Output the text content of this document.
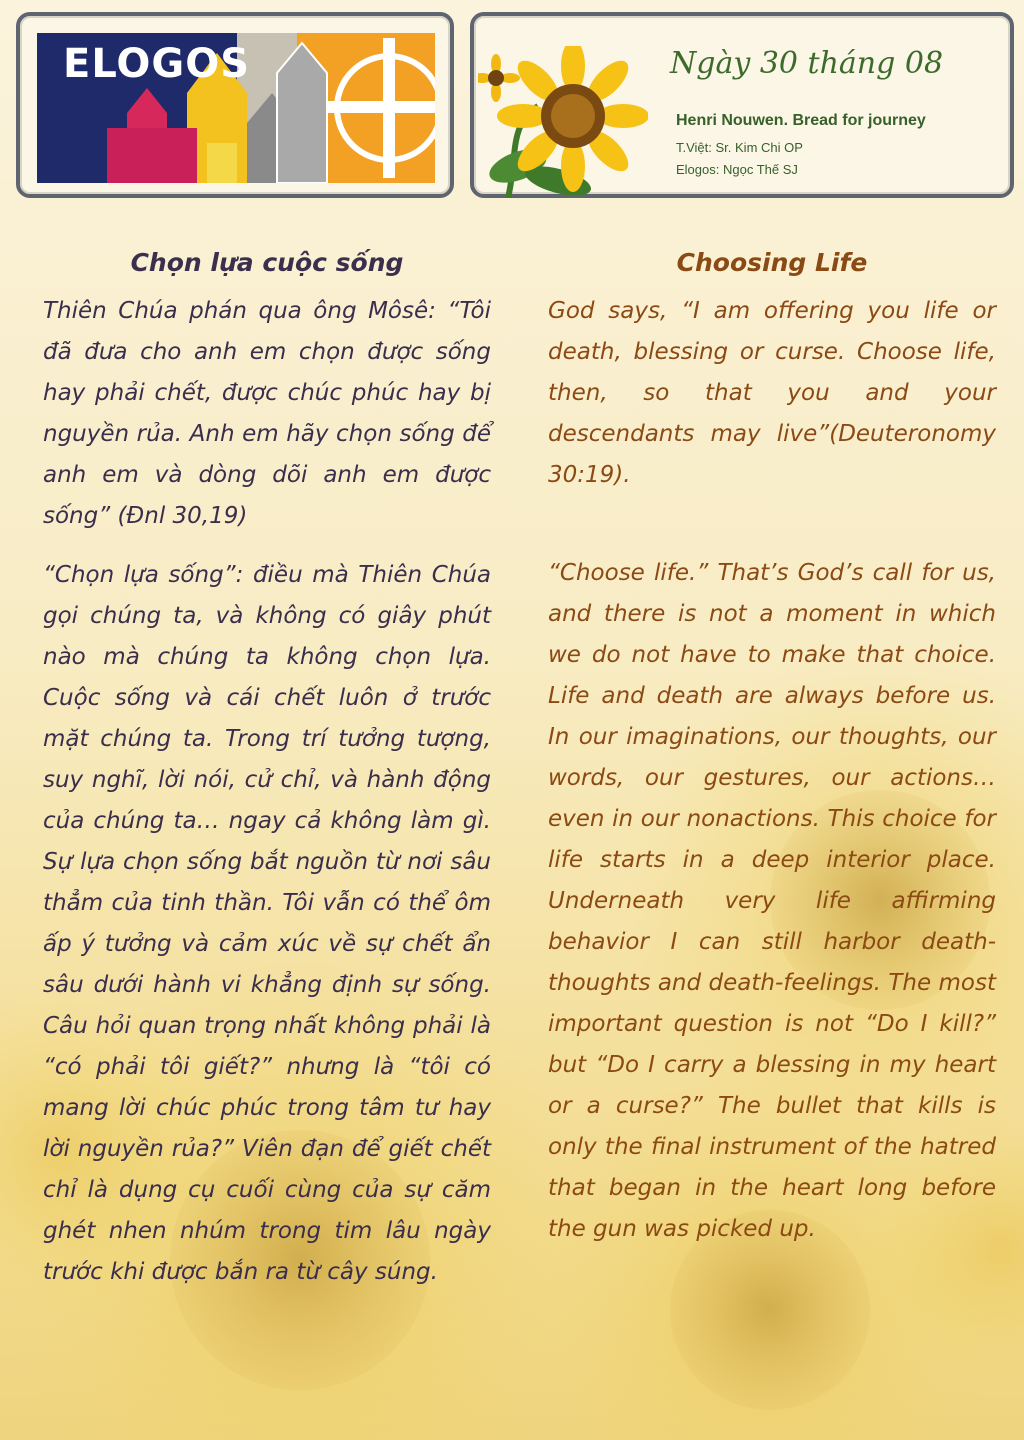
ELOGOS	Ngày 30 tháng 08
Henri Nouwen. Bread for journey
T.Việt: Sr. Kim Chi OP
Elogos: Ngọc Thế SJ
Chọn lựa cuộc sống

Thiên Chúa phán qua ông Môsê: “Tôi đã đưa cho anh em chọn được sống hay phải chết, được chúc phúc hay bị nguyền rủa. Anh em hãy chọn sống để anh em và dòng dõi anh em được sống” (Đnl 30,19)

“Chọn lựa sống”: điều mà Thiên Chúa gọi chúng ta, và không có giây phút nào mà chúng ta không chọn lựa. Cuộc sống và cái chết luôn ở trước mặt chúng ta. Trong trí tưởng tượng, suy nghĩ, lời nói, cử chỉ, và hành động của chúng ta… ngay cả không làm gì. Sự lựa chọn sống bắt nguồn từ nơi sâu thẳm của tinh thần. Tôi vẫn có thể ôm ấp ý tưởng và cảm xúc về sự chết ẩn sâu dưới hành vi khẳng định sự sống. Câu hỏi quan trọng nhất không phải là “có phải tôi giết?” nhưng là “tôi có mang lời chúc phúc trong tâm tư hay lời nguyền rủa?” Viên đạn để giết chết chỉ là dụng cụ cuối cùng của sự căm ghét nhen nhúm trong tim lâu ngày trước khi được bắn ra từ cây súng.

Choosing Life

God says, “I am offering you life or death, blessing or curse. Choose life, then, so that you and your descendants may live”(Deuteronomy 30:19).

“Choose life.” That’s God’s call for us, and there is not a moment in which we do not have to make that choice. Life and death are always before us. In our imaginations, our thoughts, our words, our gestures, our actions…even in our nonactions. This choice for life starts in a deep interior place. Underneath very life affirming behavior I can still harbor death-thoughts and death-feelings. The most important question is not “Do I kill?” but “Do I carry a blessing in my heart or a curse?” The bullet that kills is only the final instrument of the hatred that began in the heart long before the gun was picked up.
